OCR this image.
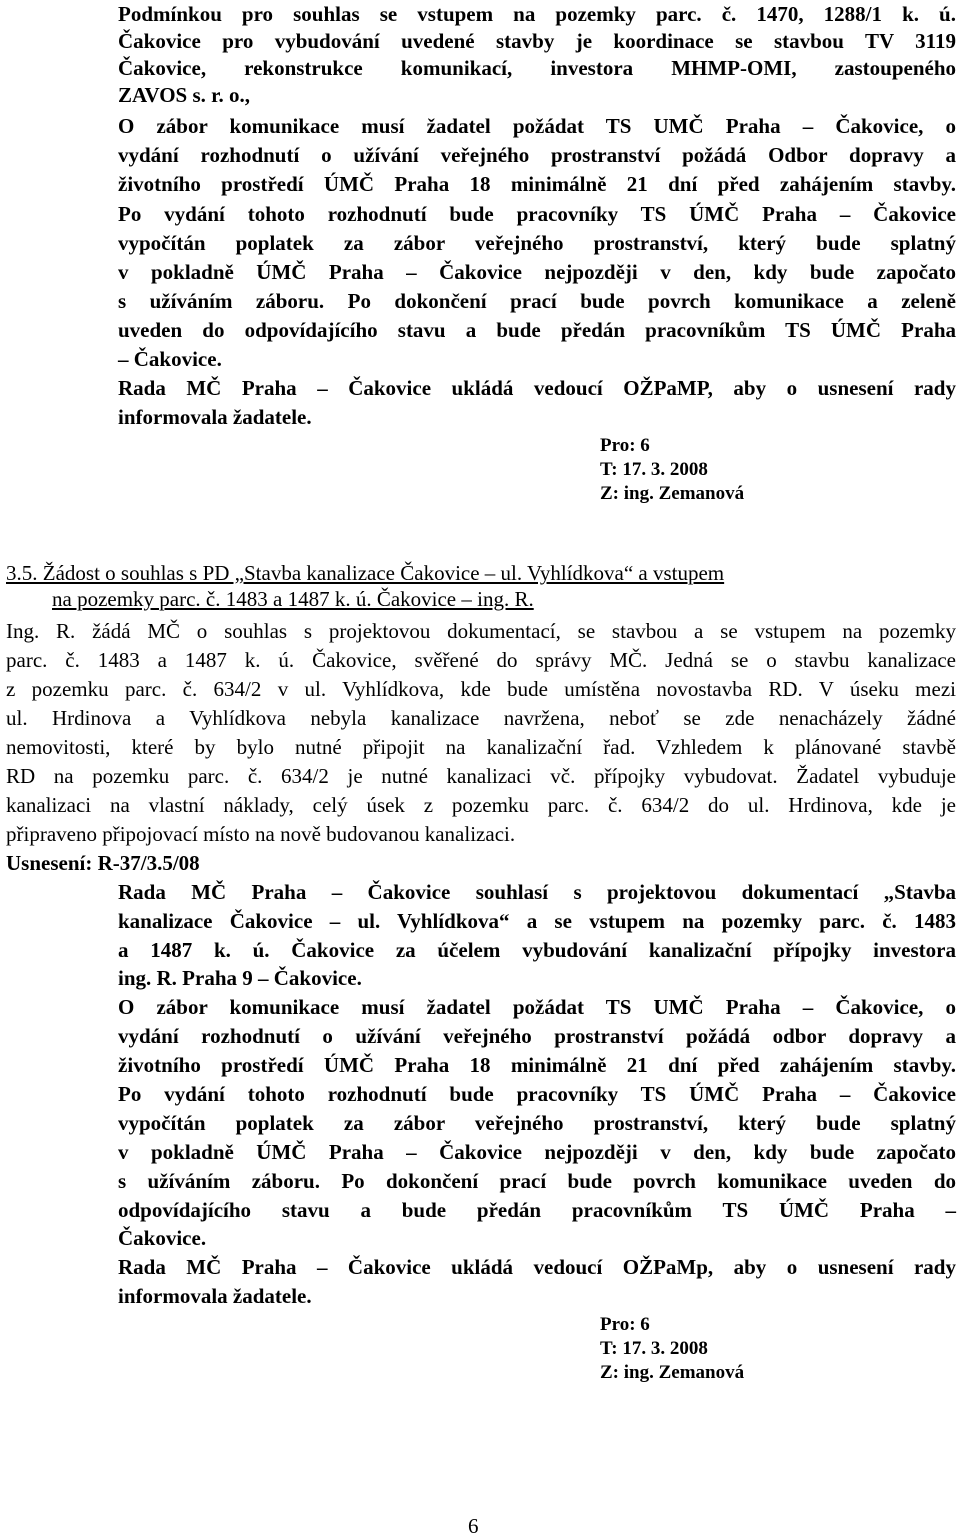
Podmínkou pro souhlas se vstupem na pozemky parc. č. 1470, 1288/1 k. ú.
Čakovice pro vybudování uvedené stavby je koordinace se stavbou TV 3119
Čakovice, rekonstrukce komunikací, investora MHMP-OMI, zastoupeného
ZAVOS s. r. o.,
O zábor komunikace musí žadatel požádat TS UMČ Praha – Čakovice, o
vydání rozhodnutí o užívání veřejného prostranství požádá Odbor dopravy a
životního prostředí ÚMČ Praha 18 minimálně 21 dní před zahájením stavby.
Po vydání tohoto rozhodnutí bude pracovníky TS ÚMČ Praha – Čakovice
vypočítán poplatek za zábor veřejného prostranství, který bude splatný
v pokladně ÚMČ Praha – Čakovice nejpozději v den, kdy bude započato
s užíváním záboru. Po dokončení prací bude povrch komunikace a zeleně
uveden do odpovídajícího stavu a bude předán pracovníkům TS ÚMČ Praha
– Čakovice.
Rada MČ Praha – Čakovice ukládá vedoucí OŽPaMP, aby o usnesení rady
informovala žadatele.
Pro: 6
T: 17. 3. 2008
Z: ing. Zemanová
3.5. Žádost o souhlas s PD „Stavba kanalizace Čakovice – ul. Vyhlídkova“ a vstupem
na pozemky parc. č. 1483 a 1487 k. ú. Čakovice – ing. R.
Ing. R. žádá MČ o souhlas s projektovou dokumentací, se stavbou a se vstupem na pozemky
parc. č. 1483 a 1487 k. ú. Čakovice, svěřené do správy MČ. Jedná se o stavbu kanalizace
z pozemku parc. č. 634/2 v ul. Vyhlídkova, kde bude umístěna novostavba RD. V úseku mezi
ul. Hrdinova a Vyhlídkova nebyla kanalizace navržena, neboť se zde nenacházely žádné
nemovitosti, které by bylo nutné připojit na kanalizační řad. Vzhledem k plánované stavbě
RD na pozemku parc. č. 634/2 je nutné kanalizaci vč. přípojky vybudovat. Žadatel vybuduje
kanalizaci na vlastní náklady, celý úsek z pozemku parc. č. 634/2 do ul. Hrdinova, kde je
připraveno připojovací místo na nově budovanou kanalizaci.
Usnesení: R-37/3.5/08
Rada MČ Praha – Čakovice souhlasí s projektovou dokumentací „Stavba
kanalizace Čakovice – ul. Vyhlídkova“ a se vstupem na pozemky parc. č. 1483
a 1487 k. ú. Čakovice za účelem vybudování kanalizační přípojky investora
ing. R. Praha 9 – Čakovice.
O zábor komunikace musí žadatel požádat TS UMČ Praha – Čakovice, o
vydání rozhodnutí o užívání veřejného prostranství požádá odbor dopravy a
životního prostředí ÚMČ Praha 18 minimálně 21 dní před zahájením stavby.
Po vydání tohoto rozhodnutí bude pracovníky TS ÚMČ Praha – Čakovice
vypočítán poplatek za zábor veřejného prostranství, který bude splatný
v pokladně ÚMČ Praha – Čakovice nejpozději v den, kdy bude započato
s užíváním záboru. Po dokončení prací bude povrch komunikace uveden do
odpovídajícího stavu a bude předán pracovníkům TS ÚMČ Praha –
Čakovice.
Rada MČ Praha – Čakovice ukládá vedoucí OŽPaMp, aby o usnesení rady
informovala žadatele.
Pro: 6
T: 17. 3. 2008
Z: ing. Zemanová
6
